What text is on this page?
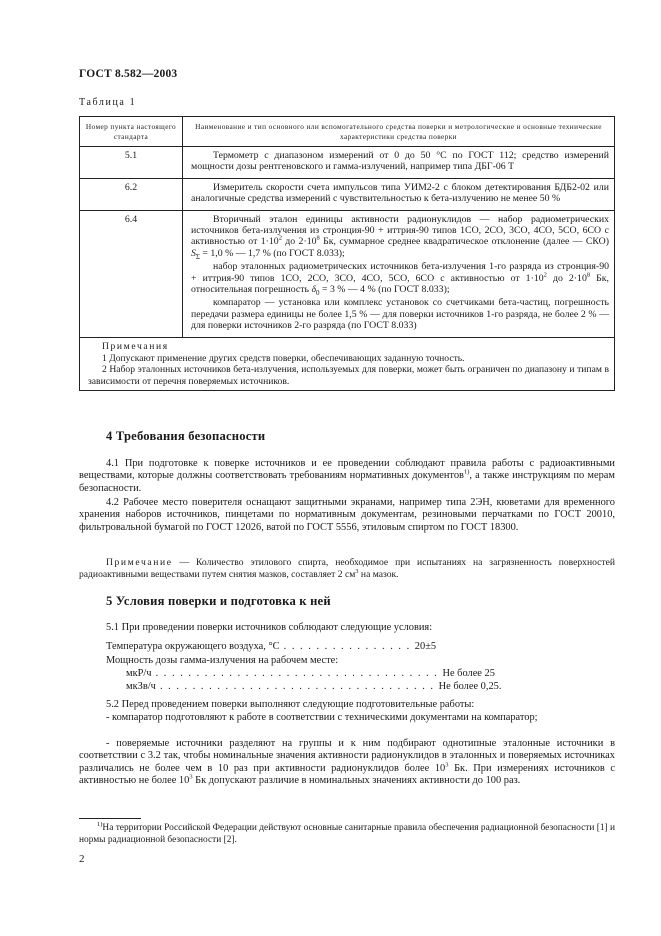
ГОСТ 8.582—2003
Таблица 1
Номер пункта настоящего стандарта	Наименование и тип основного или вспомогательного средства поверки и метрологические и основные технические характеристики средства поверки
5.1	Термометр с диапазоном измерений от 0 до 50 °С по ГОСТ 112; средство измерений мощности дозы рентгеновского и гамма-излучений, например типа ДБГ-06 Т

6.2	Измеритель скорости счета импульсов типа УИМ2-2 с блоком детектирования БДБ2-02 или аналогичные средства измерений с чувствительностью к бета-излучению не менее 50 %

6.4	Вторичный эталон единицы активности радионуклидов — набор радиометрических источников бета-излучения из стронция-90 + иттрия-90 типов 1СО, 2СО, 3СО, 4СО, 5СО, 6СО с активностью от $1\cdot 10^2$ до $2\cdot 10^8$ Бк, суммарное среднее квадратическое отклонение (далее — СКО) $S_\Sigma = 1,0$ % — 1,7 % (по ГОСТ 8.033);

набор эталонных радиометрических источников бета-излучения 1-го разряда из стронция-90 + иттрия-90 типов 1СО, 2СО, 3СО, 4СО, 5СО, 6СО с активностью от $1\cdot 10^2$ до $2\cdot 10^8$ Бк, относительная погрешность $\delta_0 = 3$ % — 4 % (по ГОСТ 8.033);

компаратор — установка или комплекс установок со счетчиками бета-частиц, погрешность передачи размера единицы не более 1,5 % — для поверки источников 1-го разряда, не более 2 % — для поверки источников 2-го разряда (по ГОСТ 8.033)

Примечания

1 Допускают применение других средств поверки, обеспечивающих заданную точность.

2 Набор эталонных источников бета-излучения, используемых для поверки, может быть ограничен по диапазону и типам в зависимости от перечня поверяемых источников.	

4 Требования безопасности
4.1 При подготовке к поверке источников и ее проведении соблюдают правила работы с радиоактивными веществами, которые должны соответствовать требованиям нормативных документов$^{1)}$, а также инструкциям по мерам безопасности.
4.2 Рабочее место поверителя оснащают защитными экранами, например типа 2ЭН, кюветами для временного хранения наборов источников, пинцетами по нормативным документам, резиновыми перчатками по ГОСТ 20010, фильтровальной бумагой по ГОСТ 12026, ватой по ГОСТ 5556, этиловым спиртом по ГОСТ 18300.
Примечание — Количество этилового спирта, необходимое при испытаниях на загрязненность поверхностей радиоактивными веществами путем снятия мазков, составляет 2 $см^3$ на мазок.
5 Условия поверки и подготовка к ней
5.1 При проведении поверки источников соблюдают следующие условия:
Температура окружающего воздуха, °С . . . . . . . . . . . . . . . . 20±5
Мощность дозы гамма-излучения на рабочем месте:
мкР/ч . . . . . . . . . . . . . . . . . . . . . . . . . . . . . . . . . . . Не более 25
мкЗв/ч . . . . . . . . . . . . . . . . . . . . . . . . . . . . . . . . . . Не более 0,25.
5.2 Перед проведением поверки выполняют следующие подготовительные работы:
- компаратор подготовляют к работе в соответствии с техническими документами на компаратор;
- поверяемые источники разделяют на группы и к ним подбирают однотипные эталонные источники в соответствии с 3.2 так, чтобы номинальные значения активности радионуклидов в эталонных и поверяемых источниках различались не более чем в 10 раз при активности радионуклидов более $10^3$ Бк. При измерениях источников с активностью не более $10^3$ Бк допускают различие в номинальных значениях активности до 100 раз.
$^{1)}$На территории Российской Федерации действуют основные санитарные правила обеспечения радиационной безопасности [1] и нормы радиационной безопасности [2].
2
